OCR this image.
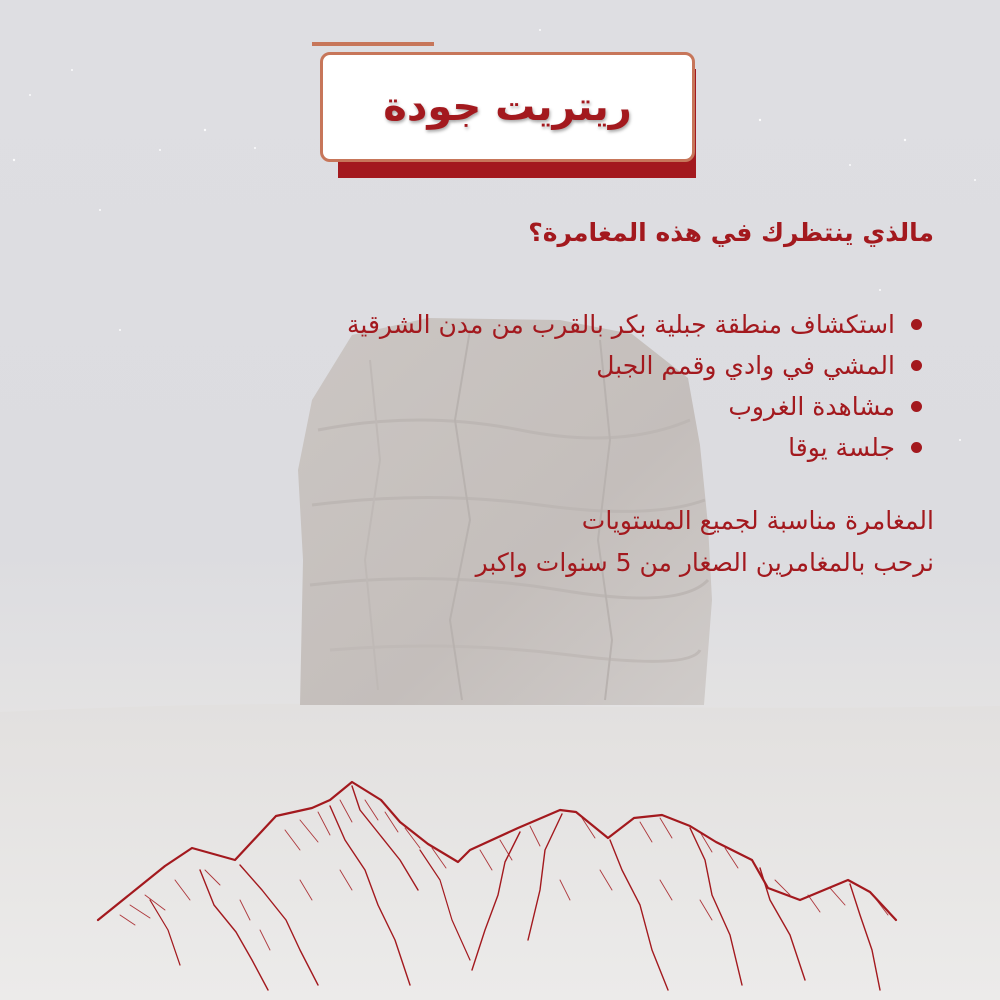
ريتريت جودة
مالذي ينتظرك في هذه المغامرة؟
استكشاف منطقة جبلية بكر بالقرب من مدن الشرقية
المشي في وادي وقمم الجبل
مشاهدة الغروب
جلسة يوقا
المغامرة مناسبة لجميع المستويات
نرحب بالمغامرين الصغار من 5 سنوات واكبر
